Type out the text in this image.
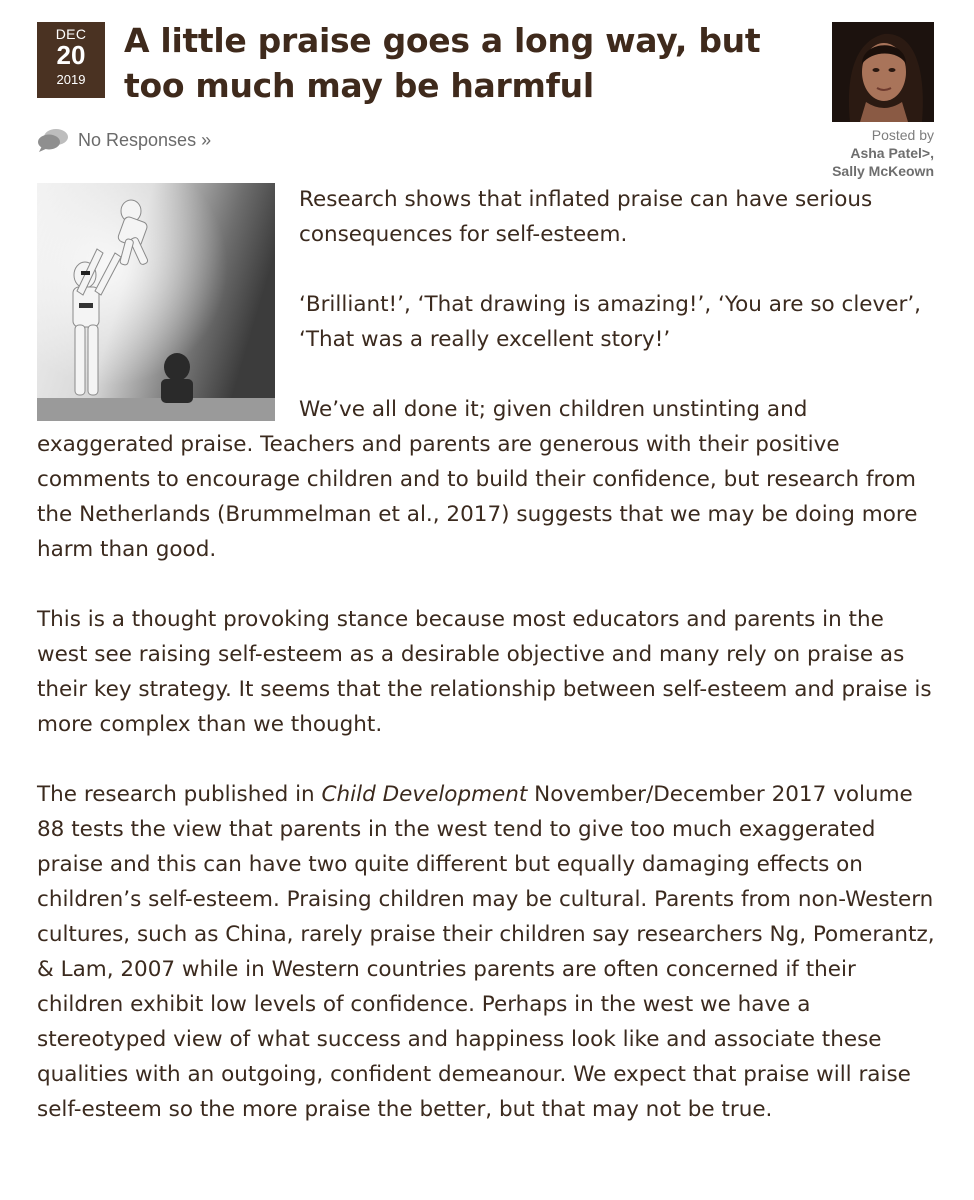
DEC
20
2019
A little praise goes a long way, but too much may be harmful
Posted by
Asha Patel>,
Sally McKeown
No Responses »

Research shows that inflated praise can have serious consequences for self-esteem.

‘Brilliant!’, ‘That drawing is amazing!’, ‘You are so clever’, ‘That was a really excellent story!’

We’ve all done it; given children unstinting and exaggerated praise. Teachers and parents are generous with their positive comments to encourage children and to build their confidence, but research from the Netherlands (Brummelman et al., 2017) suggests that we may be doing more harm than good.

This is a thought provoking stance because most educators and parents in the west see raising self-esteem as a desirable objective and many rely on praise as their key strategy. It seems that the relationship between self-esteem and praise is more complex than we thought.

The research published in Child Development November/December 2017 volume 88 tests the view that parents in the west tend to give too much exaggerated praise and this can have two quite different but equally damaging effects on children’s self-esteem. Praising children may be cultural. Parents from non-Western cultures, such as China, rarely praise their children say researchers Ng, Pomerantz, & Lam, 2007 while in Western countries parents are often concerned if their children exhibit low levels of confidence. Perhaps in the west we have a stereotyped view of what success and happiness look like and associate these qualities with an outgoing, confident demeanour. We expect that praise will raise self-esteem so the more praise the better, but that may not be true.
